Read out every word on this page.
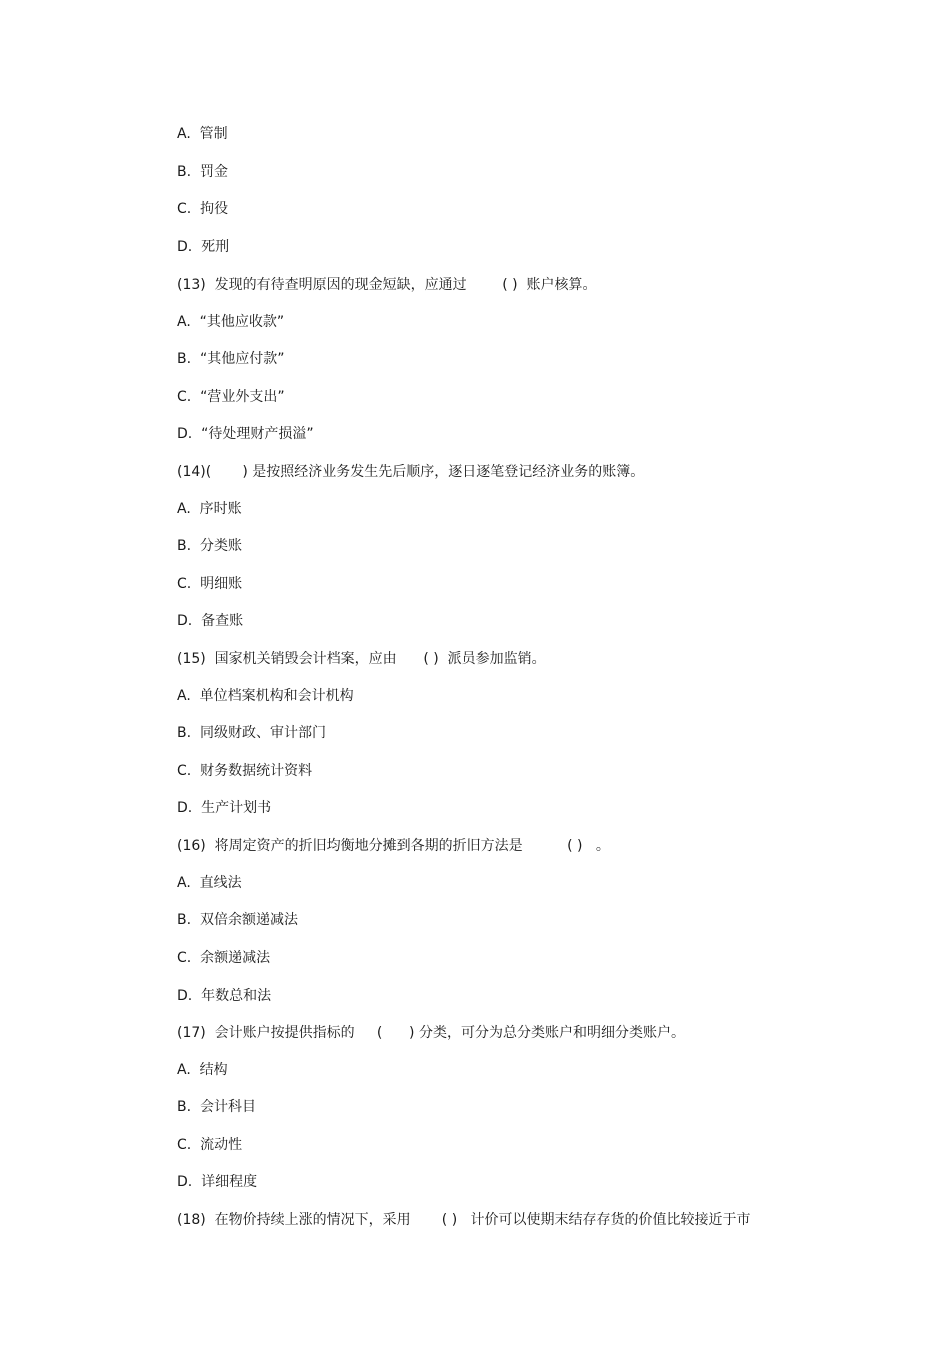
A.  管制
B.  罚金
C.  拘役
D.  死刑
(13)  发现的有待查明原因的现金短缺，应通过        ( )  账户核算。
A.  “其他应收款”
B.  “其他应付款”
C.  “营业外支出”
D.  “待处理财产损溢”
(14)(       ) 是按照经济业务发生先后顺序，逐日逐笔登记经济业务的账簿。
A.  序时账
B.  分类账
C.  明细账
D.  备查账
(15)  国家机关销毁会计档案，应由      ( )  派员参加监销。
A.  单位档案机构和会计机构
B.  同级财政、审计部门
C.  财务数据统计资料
D.  生产计划书
(16)  将周定资产的折旧均衡地分摊到各期的折旧方法是          ( )   。
A.  直线法
B.  双倍余额递减法
C.  余额递减法
D.  年数总和法
(17)  会计账户按提供指标的     (      ) 分类，可分为总分类账户和明细分类账户。
A.  结构
B.  会计科目
C.  流动性
D.  详细程度
(18)  在物价持续上涨的情况下，采用       ( )   计价可以使期末结存存货的价值比较接近于市
